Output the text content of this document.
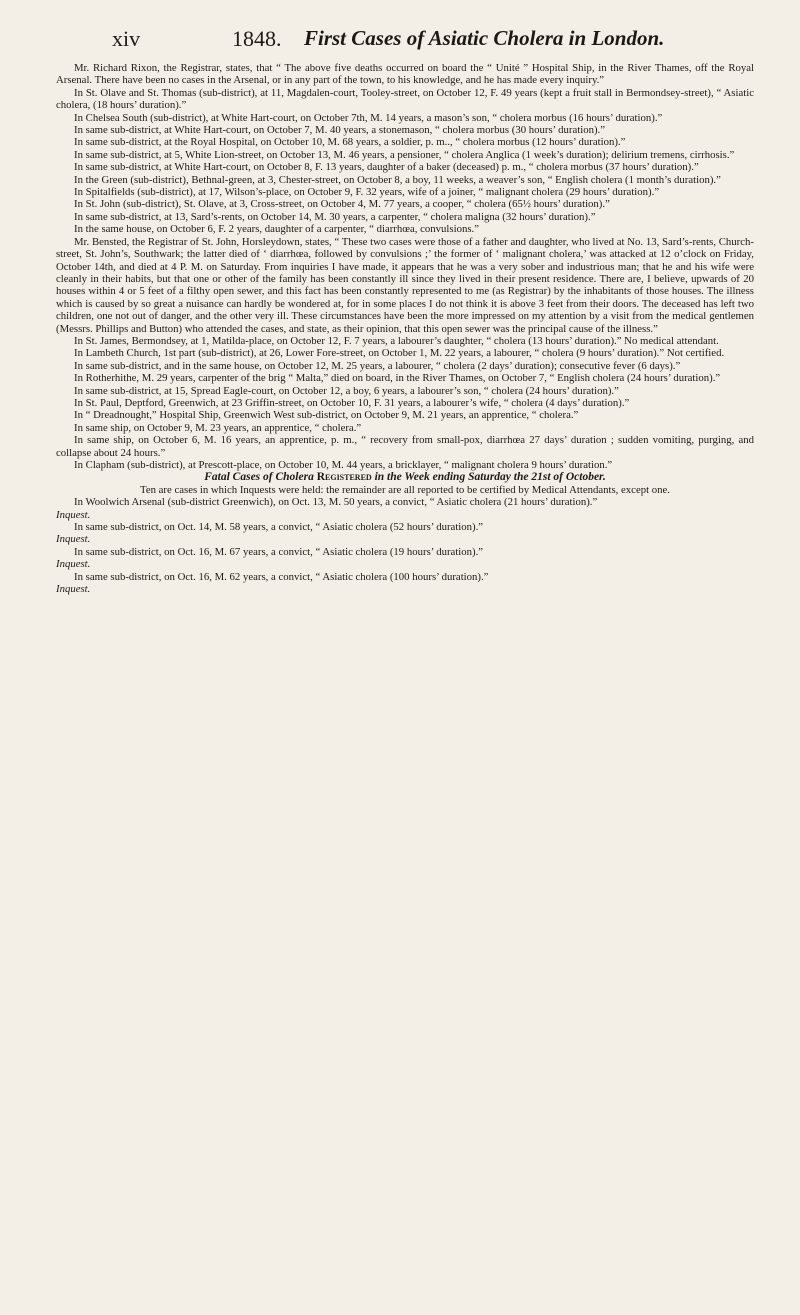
xiv	1848. First Cases of Asiatic Cholera in London.

Mr. Richard Rixon, the Registrar, states, that “ The above five deaths occurred on board the “ Unité ” Hospital Ship, in the River Thames, off the Royal Arsenal. There have been no cases in the Arsenal, or in any part of the town, to his knowledge, and he has made every inquiry.”

In St. Olave and St. Thomas (sub-district), at 11, Magdalen-court, Tooley-street, on October 12, F. 49 years (kept a fruit stall in Bermondsey-street), “ Asiatic cholera, (18 hours’ duration).”

In Chelsea South (sub-district), at White Hart-court, on October 7th, M. 14 years, a mason’s son, “ cholera morbus (16 hours’ duration).”

In same sub-district, at White Hart-court, on October 7, M. 40 years, a stonemason, “ cholera morbus (30 hours’ duration).”

In same sub-district, at the Royal Hospital, on October 10, M. 68 years, a soldier, p. m.., “ cholera morbus (12 hours’ duration).”

In same sub-district, at 5, White Lion-street, on October 13, M. 46 years, a pensioner, “ cholera Anglica (1 week’s duration); delirium tremens, cirrhosis.”

In same sub-district, at White Hart-court, on October 8, F. 13 years, daughter of a baker (deceased) p. m., “ cholera morbus (37 hours’ duration).”

In the Green (sub-district), Bethnal-green, at 3, Chester-street, on October 8, a boy, 11 weeks, a weaver’s son, “ English cholera (1 month’s duration).”

In Spitalfields (sub-district), at 17, Wilson’s-place, on October 9, F. 32 years, wife of a joiner, “ malignant cholera (29 hours’ duration).”

In St. John (sub-district), St. Olave, at 3, Cross-street, on October 4, M. 77 years, a cooper, “ cholera (65½ hours’ duration).”

In same sub-district, at 13, Sard’s-rents, on October 14, M. 30 years, a carpenter, “ cholera maligna (32 hours’ duration).”

In the same house, on October 6, F. 2 years, daughter of a carpenter, “ diarrhœa, convulsions.”

Mr. Bensted, the Registrar of St. John, Horsleydown, states, “ These two cases were those of a father and daughter, who lived at No. 13, Sard’s-rents, Church-street, St. John’s, Southwark; the latter died of ‘ diarrhœa, followed by convulsions ;’ the former of ‘ malignant cholera,’ was attacked at 12 o’clock on Friday, October 14th, and died at 4 P. M. on Saturday. From inquiries I have made, it appears that he was a very sober and industrious man; that he and his wife were cleanly in their habits, but that one or other of the family has been constantly ill since they lived in their present residence. There are, I believe, upwards of 20 houses within 4 or 5 feet of a filthy open sewer, and this fact has been constantly represented to me (as Registrar) by the inhabitants of those houses. The illness which is caused by so great a nuisance can hardly be wondered at, for in some places I do not think it is above 3 feet from their doors. The deceased has left two children, one not out of danger, and the other very ill. These circumstances have been the more impressed on my attention by a visit from the medical gentlemen (Messrs. Phillips and Button) who attended the cases, and state, as their opinion, that this open sewer was the principal cause of the illness.”

In St. James, Bermondsey, at 1, Matilda-place, on October 12, F. 7 years, a labourer’s daughter, “ cholera (13 hours’ duration).” No medical attendant.

In Lambeth Church, 1st part (sub-district), at 26, Lower Fore-street, on October 1, M. 22 years, a labourer, “ cholera (9 hours’ duration).” Not certified.

In same sub-district, and in the same house, on October 12, M. 25 years, a labourer, “ cholera (2 days’ duration); consecutive fever (6 days).”

In Rotherhithe, M. 29 years, carpenter of the brig “ Malta,” died on board, in the River Thames, on October 7, “ English cholera (24 hours’ duration).”

In same sub-district, at 15, Spread Eagle-court, on October 12, a boy, 6 years, a labourer’s son, “ cholera (24 hours’ duration).”

In St. Paul, Deptford, Greenwich, at 23 Griffin-street, on October 10, F. 31 years, a labourer’s wife, “ cholera (4 days’ duration).”

In “ Dreadnought,” Hospital Ship, Greenwich West sub-district, on October 9, M. 21 years, an apprentice, “ cholera.”

In same ship, on October 9, M. 23 years, an apprentice, “ cholera.”

In same ship, on October 6, M. 16 years, an apprentice, p. m., “ recovery from small-pox, diarrhœa 27 days’ duration ; sudden vomiting, purging, and collapse about 24 hours.”

In Clapham (sub-district), at Prescott-place, on October 10, M. 44 years, a bricklayer, “ malignant cholera 9 hours’ duration.”

Fatal Cases of Cholera Registered in the Week ending Saturday the 21st of October.

Ten are cases in which Inquests were held: the remainder are all reported to be certified by Medical Attendants, except one.

In Woolwich Arsenal (sub-district Greenwich), on Oct. 13, M. 50 years, a convict, “ Asiatic cholera (21 hours’ duration).”

Inquest.

In same sub-district, on Oct. 14, M. 58 years, a convict, “ Asiatic cholera (52 hours’ duration).”

Inquest.

In same sub-district, on Oct. 16, M. 67 years, a convict, “ Asiatic cholera (19 hours’ duration).”

Inquest.

In same sub-district, on Oct. 16, M. 62 years, a convict, “ Asiatic cholera (100 hours’ duration).”

Inquest.
